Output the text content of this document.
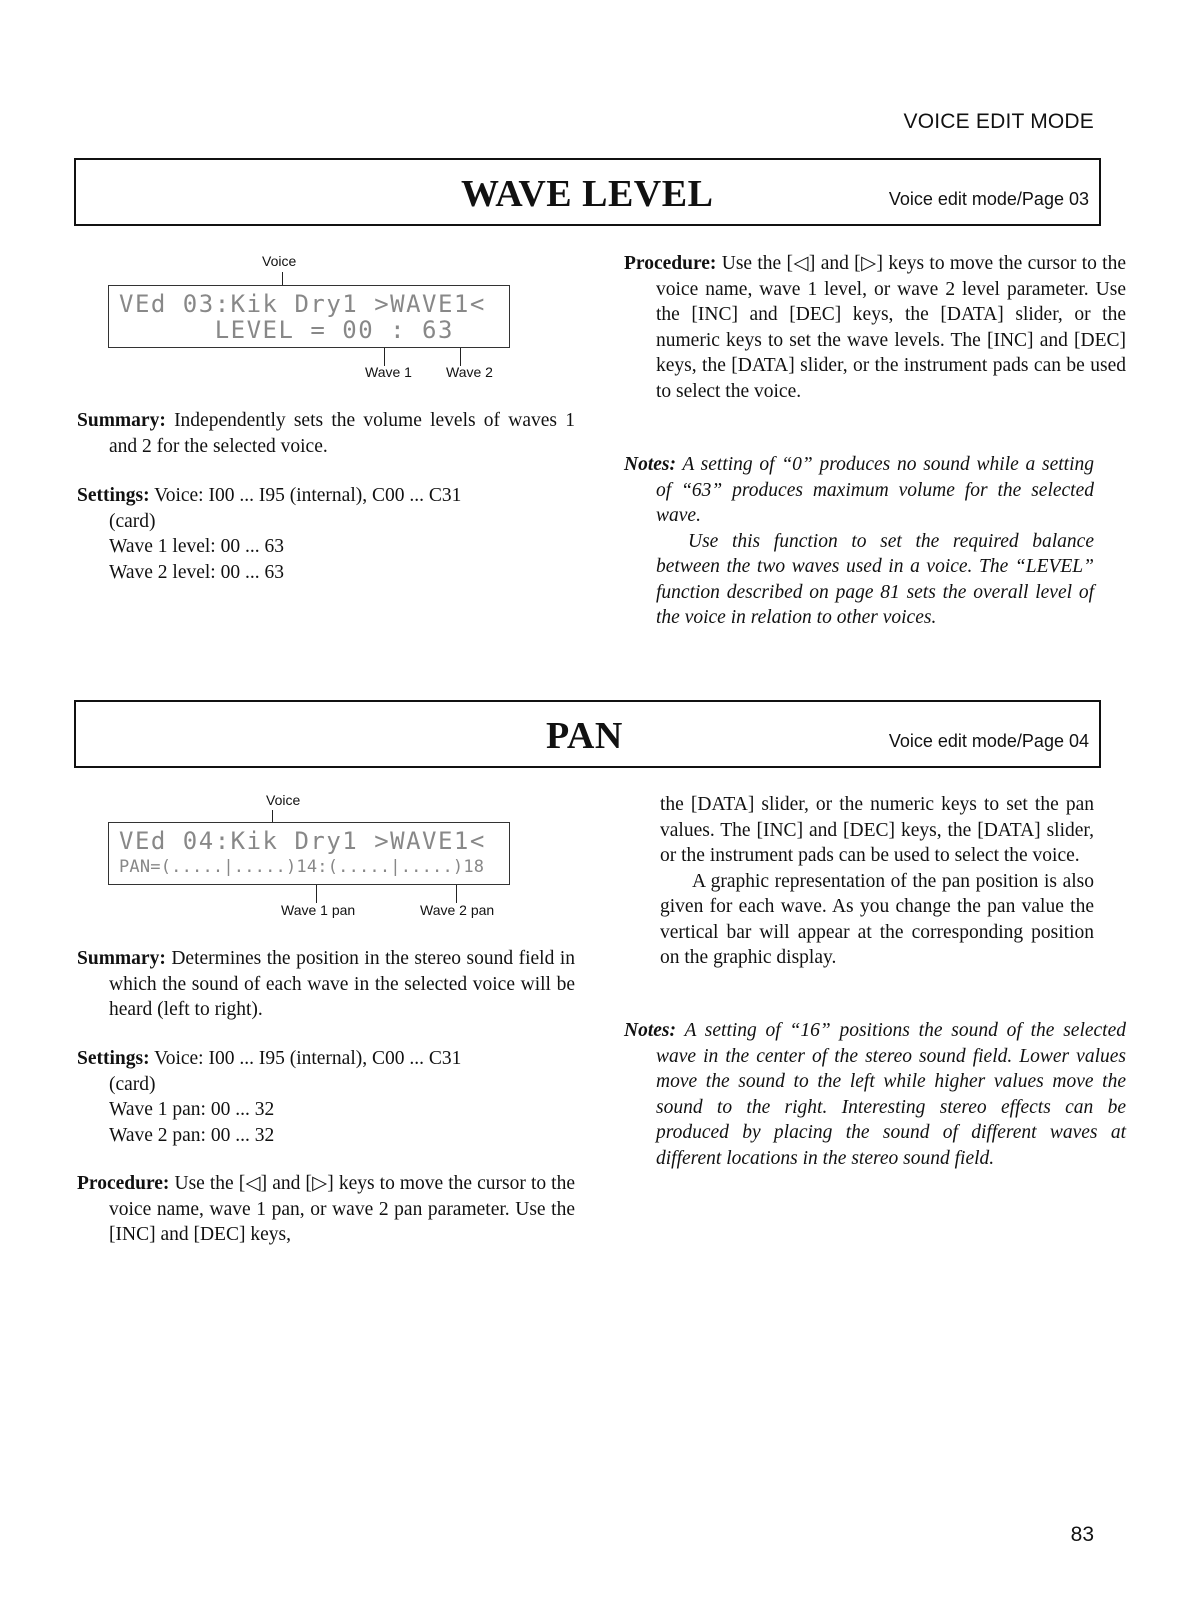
VOICE EDIT MODE
WAVE LEVEL	Voice edit mode/Page 03
Voice
VEd 03:Kik Dry1 >WAVE1<
LEVEL = 00 : 63
Wave 1 Wave 2
Summary: Independently sets the volume levels of waves 1 and 2 for the selected voice.

Settings: Voice: I00 ... I95 (internal), C00 ... C31

(card)

Wave 1 level: 00 ... 63

Wave 2 level: 00 ... 63

Procedure: Use the [◁] and [▷] keys to move the cursor to the voice name, wave 1 level, or wave 2 level parameter. Use the [INC] and [DEC] keys, the [DATA] slider, or the numeric keys to set the wave levels. The [INC] and [DEC] keys, the [DATA] slider, or the instrument pads can be used to select the voice.

Notes: A setting of “0” produces no sound while a setting of “63” produces maximum volume for the selected wave.

Use this function to set the required balance between the two waves used in a voice. The “LEVEL” function described on page 81 sets the overall level of the voice in relation to other voices.

PAN	Voice edit mode/Page 04
Voice
VEd 04:Kik Dry1 >WAVE1<
PAN=(.....|.....)14:(.....|.....)18
Wave 1 pan	Wave 2 pan
Summary: Determines the position in the stereo sound field in which the sound of each wave in the selected voice will be heard (left to right).

Settings: Voice: I00 ... I95 (internal), C00 ... C31

(card)

Wave 1 pan: 00 ... 32

Wave 2 pan: 00 ... 32

Procedure: Use the [◁] and [▷] keys to move the cursor to the voice name, wave 1 pan, or wave 2 pan parameter. Use the [INC] and [DEC] keys,

the [DATA] slider, or the numeric keys to set the pan values. The [INC] and [DEC] keys, the [DATA] slider, or the instrument pads can be used to select the voice.

A graphic representation of the pan position is also given for each wave. As you change the pan value the vertical bar will appear at the corresponding position on the graphic display.

Notes: A setting of “16” positions the sound of the selected wave in the center of the stereo sound field. Lower values move the sound to the left while higher values move the sound to the right. Interesting stereo effects can be produced by placing the sound of different waves at different locations in the stereo sound field.
83
